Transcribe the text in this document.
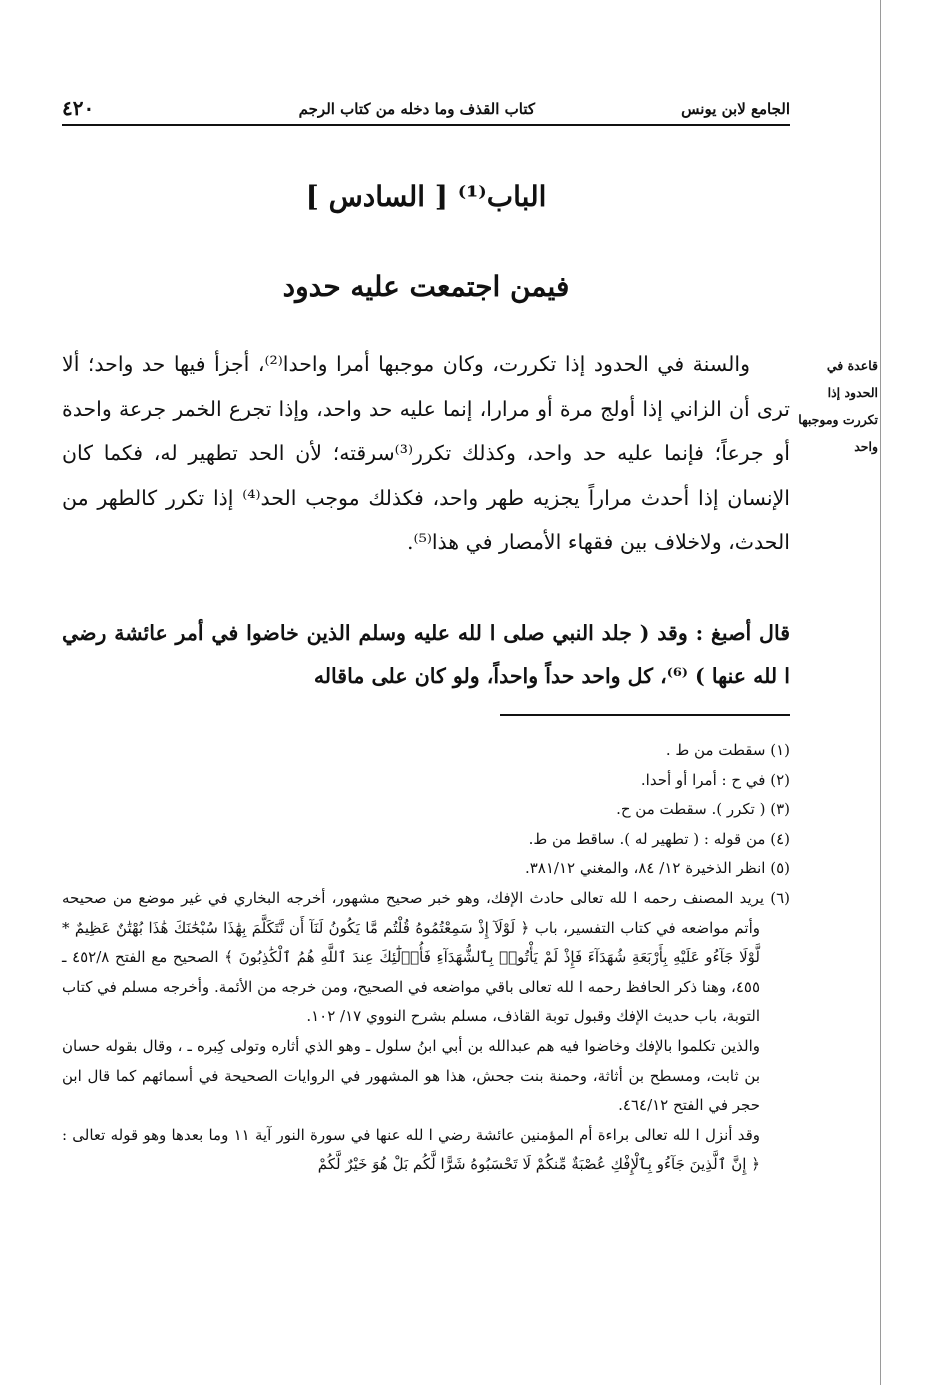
الجامع لابن يونس
كتاب القذف وما دخله من كتاب الرجم
٤٢٠
الباب⁽¹⁾ [ السادس ]
فيمن اجتمعت عليه حدود
قاعدة في الحدود إذا تكررت وموجبها واحد

والسنة في الحدود إذا تكررت، وكان موجبها أمرا واحدا⁽²⁾، أجزأ فيها حد واحد؛ ألا ترى أن الزاني إذا أولج مرة أو مرارا، إنما عليه حد واحد، وإذا تجرع الخمر جرعة واحدة أو جرعاً؛ فإنما عليه حد واحد، وكذلك تكرر⁽³⁾سرقته؛ لأن الحد تطهير له، فكما كان الإنسان إذا أحدث مراراً يجزيه طهر واحد، فكذلك موجب الحد⁽⁴⁾ إذا تكرر كالطهر من الحدث، ولاخلاف بين فقهاء الأمصار في هذا⁽⁵⁾.

قال أصبغ : وقد ( جلد النبي صلى ا لله عليه وسلم الذين خاضوا في أمر عائشة رضي ا لله عنها ) ⁽⁶⁾، كل واحد حداً واحداً، ولو كان على ماقاله

(١) سقطت من ط .

(٢) في ح : أمرا أو أحدا.

(٣) ( تكرر ). سقطت من ح.

(٤) من قوله : ( تطهير له ). ساقط من ط.

(٥) انظر الذخيرة ١٢/ ٨٤، والمغني ٣٨١/١٢.

(٦) يريد المصنف رحمه ا لله تعالى حادث الإفك، وهو خبر صحيح مشهور، أخرجه البخاري في غير موضع من صحيحه وأتم مواضعه في كتاب التفسير، باب ﴿ لَوْلَآ إِذْ سَمِعْتُمُوهُ قُلْتُم مَّا يَكُونُ لَنَآ أَن نَّتَكَلَّمَ بِهَٰذَا سُبْحَٰنَكَ هَٰذَا بُهْتَٰنٌ عَظِيمٌ * لَّوْلَا جَآءُو عَلَيْهِ بِأَرْبَعَةِ شُهَدَآءَ فَإِذْ لَمْ يَأْتُوا۟ بِٱلشُّهَدَآءِ فَأُو۟لَٰٓئِكَ عِندَ ٱللَّهِ هُمُ ٱلْكَٰذِبُونَ ﴾ الصحيح مع الفتح ٤٥٢/٨ ـ ٤٥٥، وهنا ذكر الحافظ رحمه ا لله تعالى باقي مواضعه في الصحيح، ومن خرجه من الأئمة. وأخرجه مسلم في كتاب التوبة، باب حديث الإفك وقبول توبة القاذف، مسلم بشرح النووي ١٧/ ١٠٢.

والذين تكلموا بالإفك وخاضوا فيه هم عبدالله بن أبي ابنُ سلول ـ وهو الذي أثاره وتولى كِبره ـ ، وقال بقوله حسان بن ثابت، ومسطح بن أثاثة، وحمنة بنت جحش، هذا هو المشهور في الروايات الصحيحة في أسمائهم كما قال ابن حجر في الفتح ٤٦٤/١٢.

وقد أنزل ا لله تعالى براءة أم المؤمنين عائشة رضي ا لله عنها في سورة النور آية ١١ وما بعدها وهو قوله تعالى : ﴿ إِنَّ ٱلَّذِينَ جَآءُو بِٱلْإِفْكِ عُصْبَةٌ مِّنكُمْ لَا تَحْسَبُوهُ شَرًّا لَّكُم بَلْ هُوَ خَيْرٌ لَّكُمْ
